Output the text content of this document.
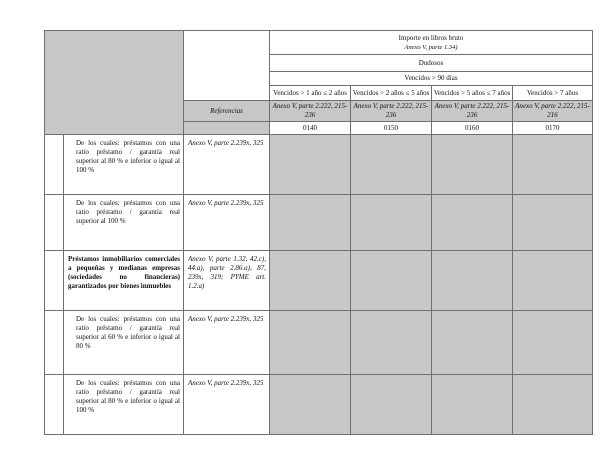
			Importe en libros bruto
Anexo V, parte 1.34)			

			Dudosos			
			Vencidos > 90 días			
			Vencidos > 1 año ≤ 2 años	Vencidos > 2 años ≤ 5 años	Vencidos > 5 años ≤ 7 años	Vencidos > 7 años
		Referencias	Anexo V, parte 2.222, 215-236	Anexo V, parte 2.222, 215-236	Anexo V, parte 2.222, 215-236	Anexo V, parte 2.222, 215-216
			0140	0150	0160	0170
	De los cuales: préstamos con una ratio préstamo / garantía real superior al 80 % e inferior o igual al 100 %	Anexo V, parte 2.239x, 325				
	De los cuales: préstamos con una ratio préstamo / garantía real superior al 100 %	Anexo V, parte 2.239x, 325				
	Préstamos inmobiliarios comerciales a pequeñas y medianas empresas (sociedades no financieras) garantizados por bienes inmuebles	Anexo V, parte 1.32, 42.c), 44.a), parte 2.86.a), 87, 239x, 319; PYME art. 1.2.a)				
	De los cuales: préstamos con una ratio préstamo / garantía real superior al 60 % e inferior o igual al 80 %	Anexo V, parte 2.239x, 325				
	De los cuales: préstamos con una ratio préstamo / garantía real superior al 80 % e inferior o igual al 100 %	Anexo V, parte 2.239x, 325				
